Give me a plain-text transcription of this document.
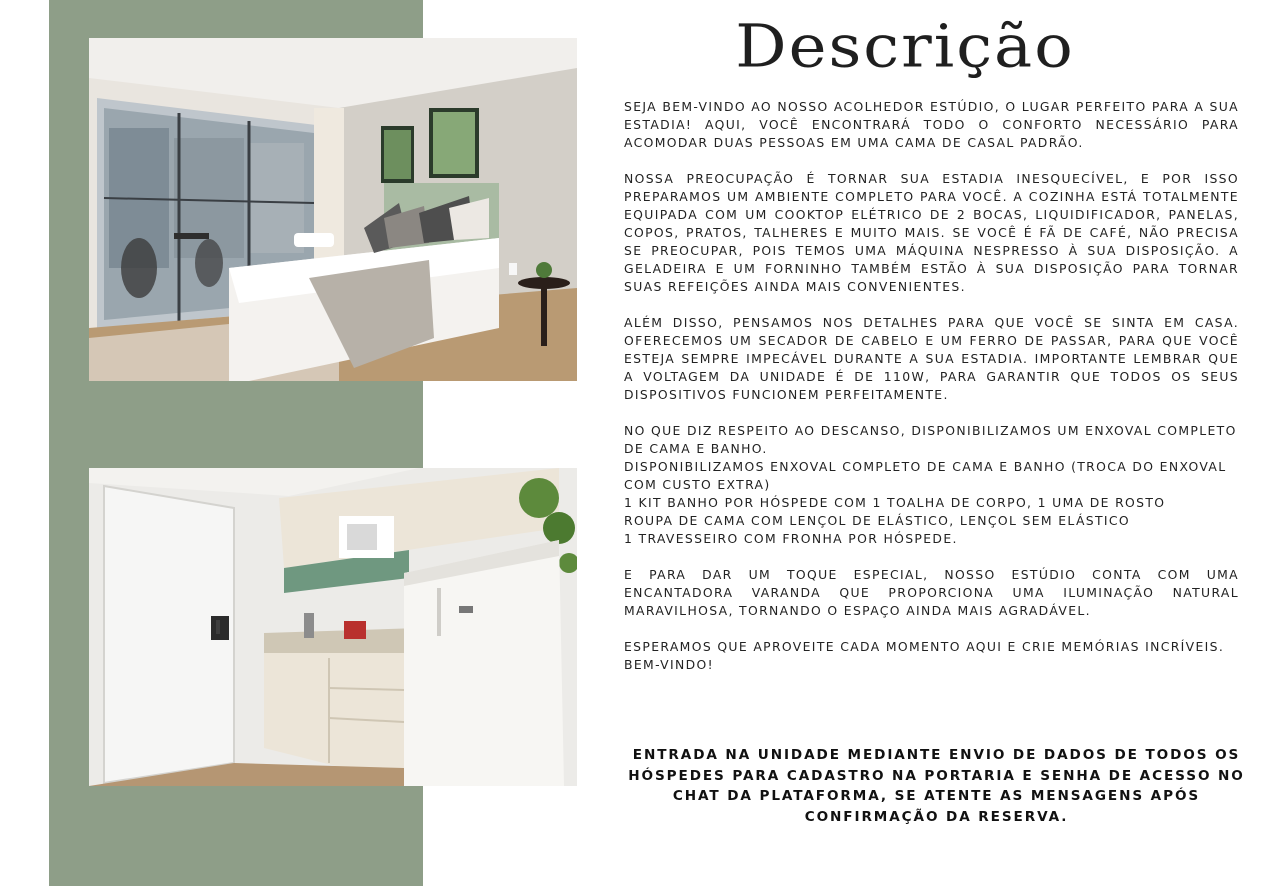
Descrição

SEJA BEM-VINDO AO NOSSO ACOLHEDOR ESTÚDIO, O LUGAR PERFEITO PARA A SUA ESTADIA! AQUI, VOCÊ ENCONTRARÁ TODO O CONFORTO NECESSÁRIO PARA ACOMODAR DUAS PESSOAS EM UMA CAMA DE CASAL PADRÃO.

NOSSA PREOCUPAÇÃO É TORNAR SUA ESTADIA INESQUECÍVEL, E POR ISSO PREPARAMOS UM AMBIENTE COMPLETO PARA VOCÊ. A COZINHA ESTÁ TOTALMENTE EQUIPADA COM UM COOKTOP ELÉTRICO DE 2 BOCAS, LIQUIDIFICADOR, PANELAS, COPOS, PRATOS, TALHERES E MUITO MAIS. SE VOCÊ É FÃ DE CAFÉ, NÃO PRECISA SE PREOCUPAR, POIS TEMOS UMA MÁQUINA NESPRESSO À SUA DISPOSIÇÃO. A GELADEIRA E UM FORNINHO TAMBÉM ESTÃO À SUA DISPOSIÇÃO PARA TORNAR SUAS REFEIÇÕES AINDA MAIS CONVENIENTES.

ALÉM DISSO, PENSAMOS NOS DETALHES PARA QUE VOCÊ SE SINTA EM CASA. OFERECEMOS UM SECADOR DE CABELO E UM FERRO DE PASSAR, PARA QUE VOCÊ ESTEJA SEMPRE IMPECÁVEL DURANTE A SUA ESTADIA. IMPORTANTE LEMBRAR QUE A VOLTAGEM DA UNIDADE É DE 110W, PARA GARANTIR QUE TODOS OS SEUS DISPOSITIVOS FUNCIONEM PERFEITAMENTE.

NO QUE DIZ RESPEITO AO DESCANSO, DISPONIBILIZAMOS UM ENXOVAL COMPLETO DE CAMA E BANHO.

DISPONIBILIZAMOS ENXOVAL COMPLETO DE CAMA E BANHO (TROCA DO ENXOVAL COM CUSTO EXTRA)

1 KIT BANHO POR HÓSPEDE COM 1 TOALHA DE CORPO, 1 UMA DE ROSTO

ROUPA DE CAMA COM LENÇOL DE ELÁSTICO, LENÇOL SEM ELÁSTICO

1 TRAVESSEIRO COM FRONHA POR HÓSPEDE.

E PARA DAR UM TOQUE ESPECIAL, NOSSO ESTÚDIO CONTA COM UMA ENCANTADORA VARANDA QUE PROPORCIONA UMA ILUMINAÇÃO NATURAL MARAVILHOSA, TORNANDO O ESPAÇO AINDA MAIS AGRADÁVEL.

ESPERAMOS QUE APROVEITE CADA MOMENTO AQUI E CRIE MEMÓRIAS INCRÍVEIS. BEM-VINDO!

ENTRADA NA UNIDADE MEDIANTE ENVIO DE DADOS DE TODOS OS HÓSPEDES PARA CADASTRO NA PORTARIA E SENHA DE ACESSO NO CHAT DA PLATAFORMA, SE ATENTE AS MENSAGENS APÓS CONFIRMAÇÃO DA RESERVA.
